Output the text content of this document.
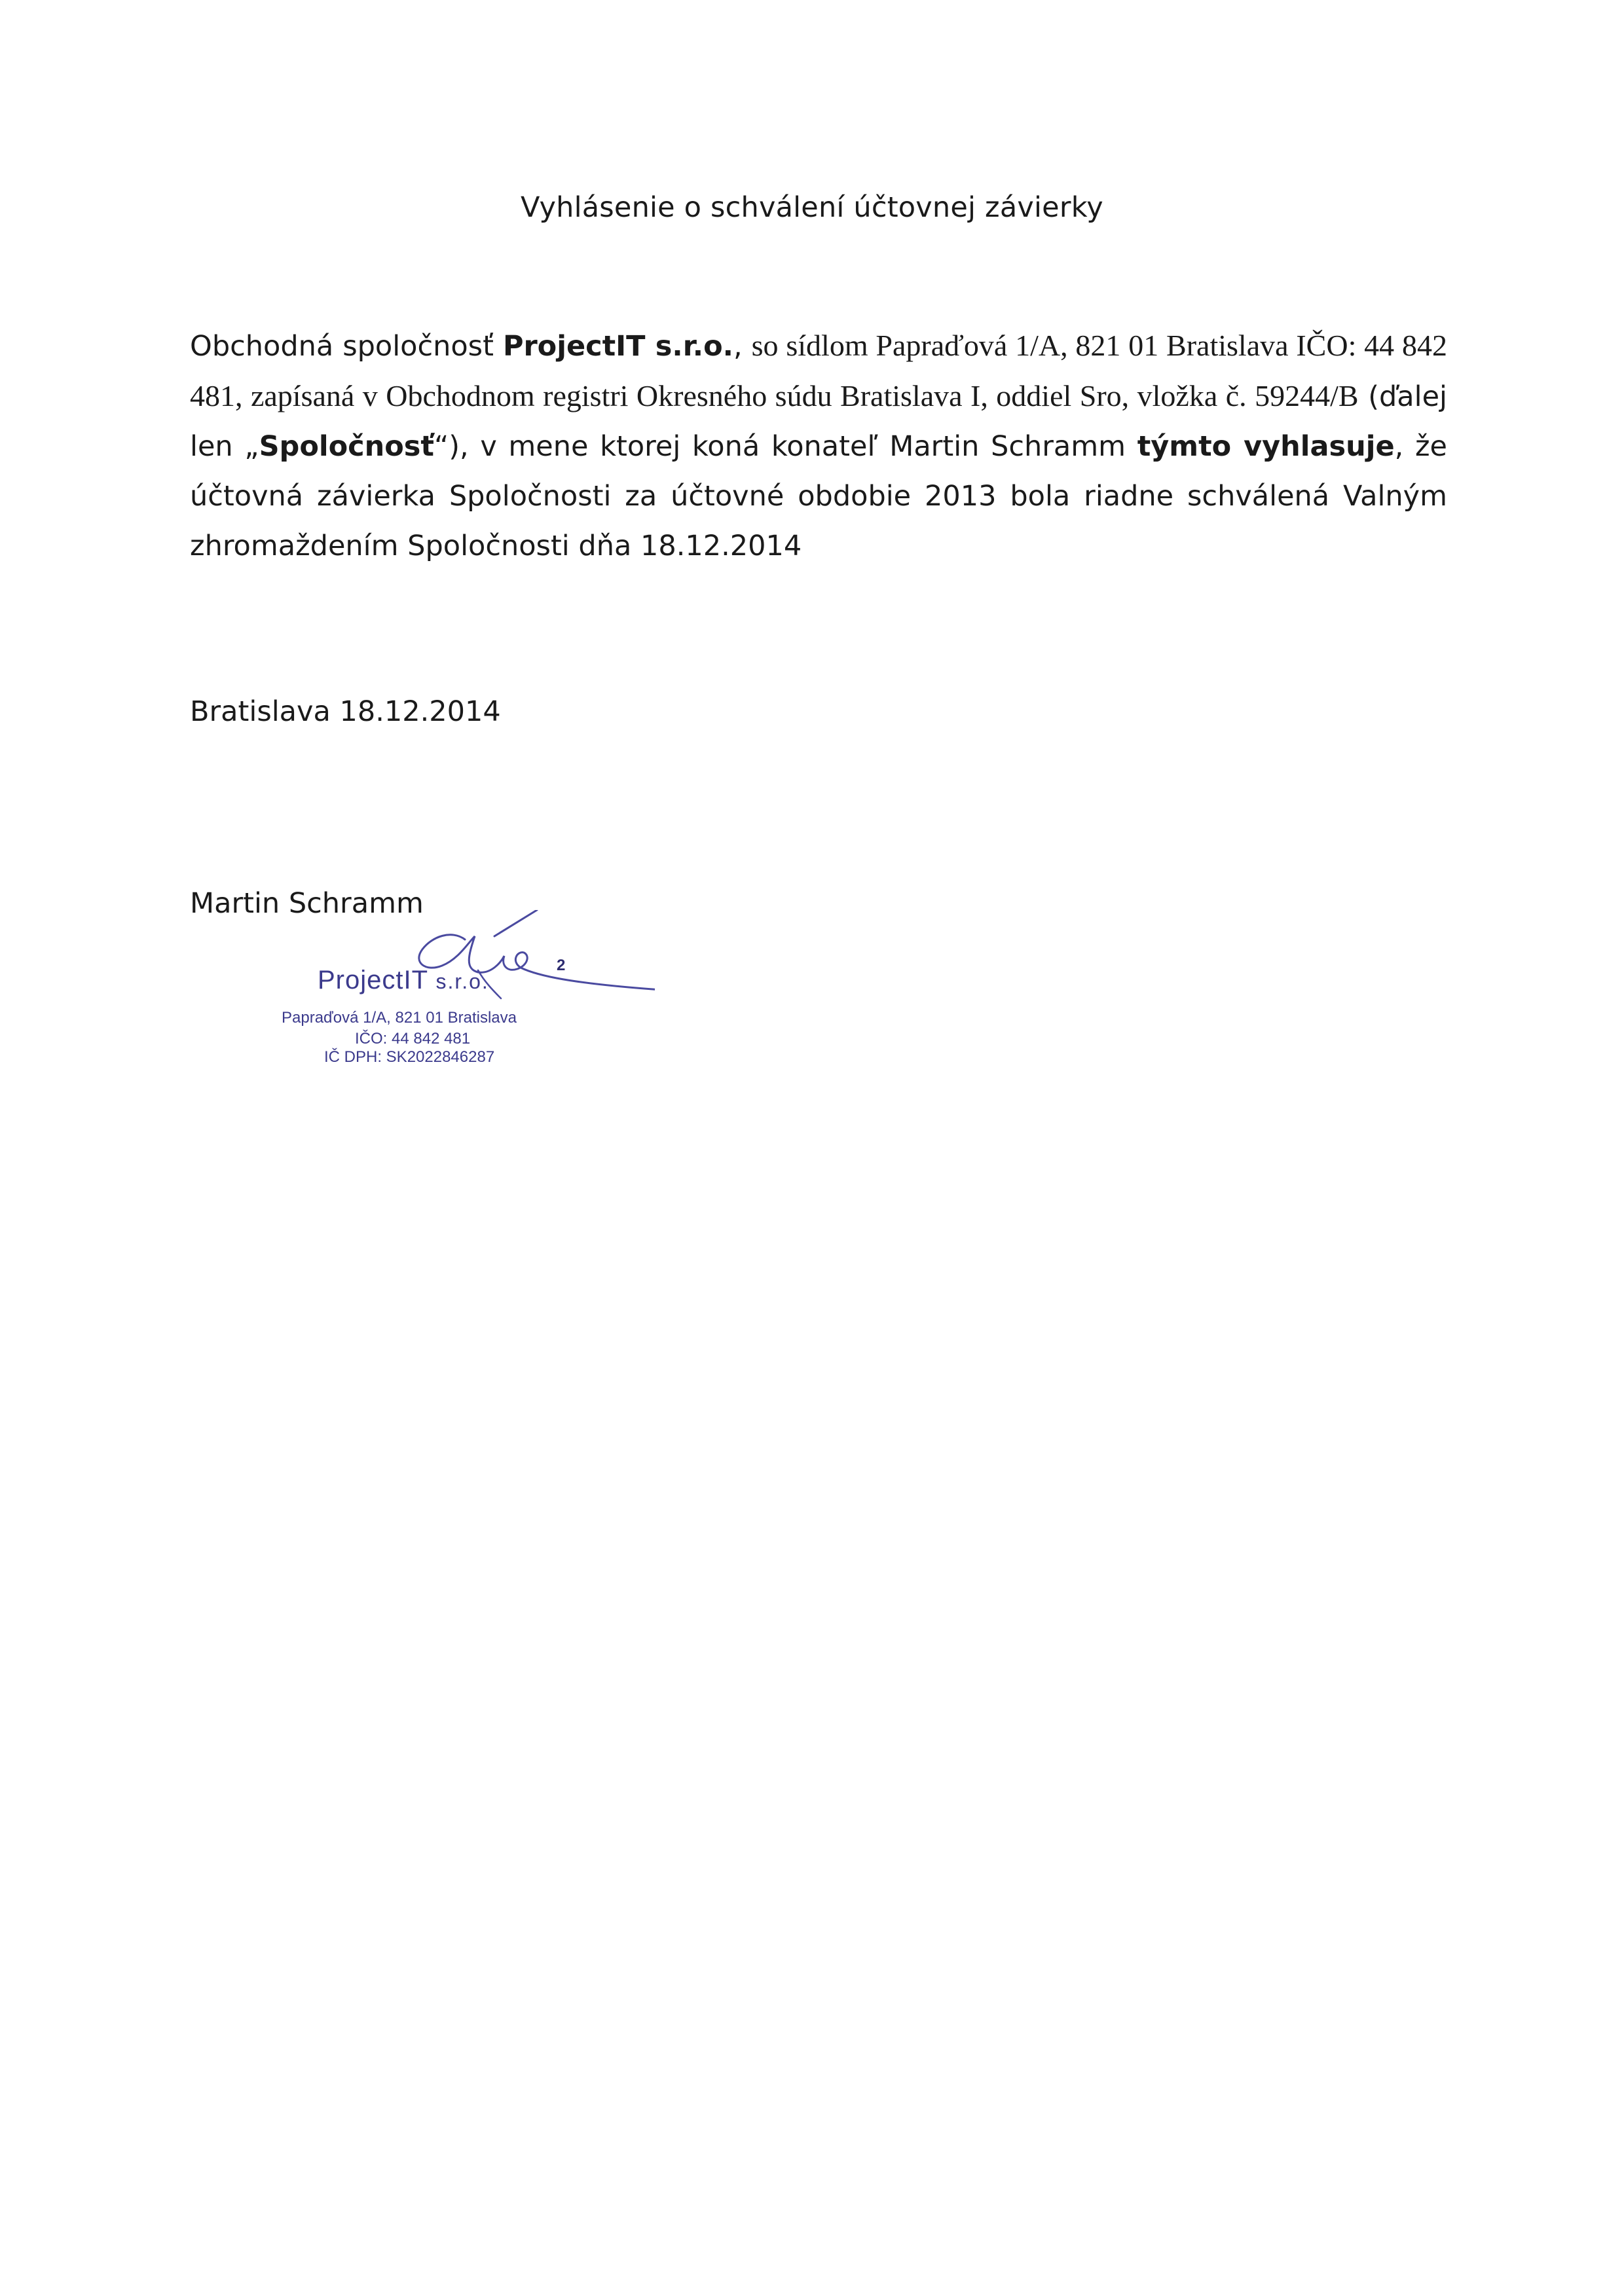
Vyhlásenie o schválení účtovnej závierky
Obchodná spoločnosť ProjectIT s.r.o., so sídlom Papraďová 1/A, 821 01 Bratislava IČO: 44 842 481, zapísaná v Obchodnom registri Okresného súdu Bratislava I, oddiel Sro, vložka č. 59244/B (ďalej len „Spoločnosť“), v mene ktorej koná konateľ Martin Schramm týmto vyhlasuje, že účtovná závierka Spoločnosti za účtovné obdobie 2013 bola riadne schválená Valným zhromaždením Spoločnosti dňa 18.12.2014
Bratislava 18.12.2014
Martin Schramm
2
ProjectIT s.r.o.
Papraďová 1/A, 821 01 Bratislava
IČO: 44 842 481
IČ DPH: SK2022846287
